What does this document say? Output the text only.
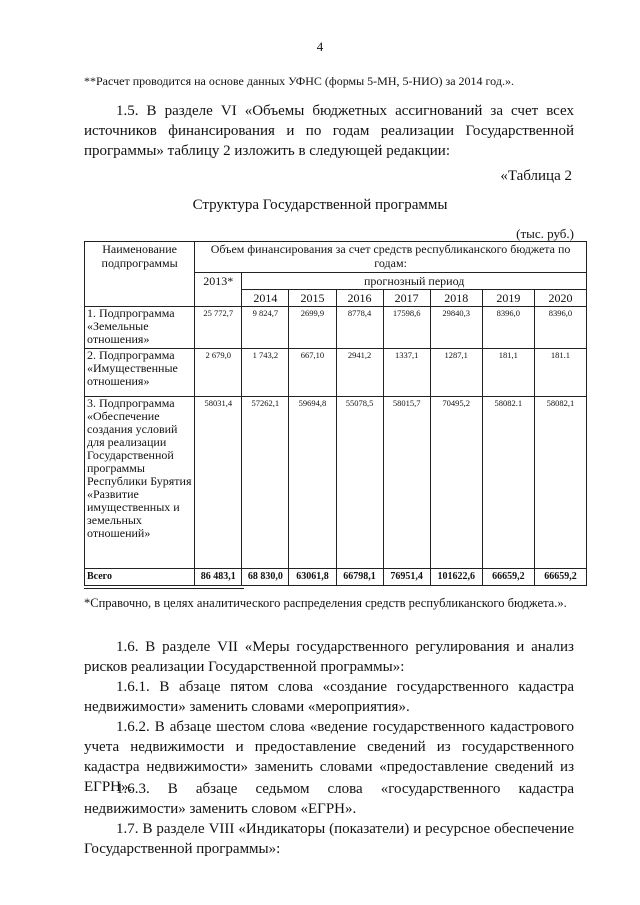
4
**Расчет проводится на основе данных УФНС (формы 5-МН, 5-НИО) за 2014 год.».
1.5. В разделе VI «Объемы бюджетных ассигнований за счет всех источников финансирования и по годам реализации Государственной программы» таблицу 2 изложить в следующей редакции:
«Таблица 2
Структура Государственной программы
(тыс. руб.)
Наименование подпрограммы	Объем финансирования за счет средств республиканского бюджета по годам:							
	2013*	прогнозный период						
		2014	2015	2016	2017	2018	2019	2020
1. Подпрограмма «Земельные отношения»	25 772,7	9 824,7	2699,9	8778,4	17598,6	29840,3	8396,0	8396,0
2. Подпрограмма «Имущественные отношения»	2 679,0	1 743,2	667,10	2941,2	1337,1	1287,1	181,1	181.1
3. Подпрограмма «Обеспечение создания условий для реализации Государственной программы Республики Бурятия «Развитие имущественных и земельных отношений»	58031,4	57262,1	59694,8	55078,5	58015,7	70495,2	58082.1	58082,1
Всего	86 483,1	68 830,0	63061,8	66798,1	76951,4	101622,6	66659,2	66659,2
*Справочно, в целях аналитического распределения средств республиканского бюджета.».
1.6. В разделе VII «Меры государственного регулирования и анализ рисков реализации Государственной программы»:
1.6.1. В абзаце пятом слова «создание государственного кадастра недвижимости» заменить словами «мероприятия».
1.6.2. В абзаце шестом слова «ведение государственного кадастрового учета недвижимости и предоставление сведений из государственного кадастра недвижимости» заменить словами «предоставление сведений из ЕГРН».
1.6.3. В абзаце седьмом слова «государственного кадастра недвижимости» заменить словом «ЕГРН».
1.7. В разделе VIII «Индикаторы (показатели) и ресурсное обеспечение Государственной программы»:
